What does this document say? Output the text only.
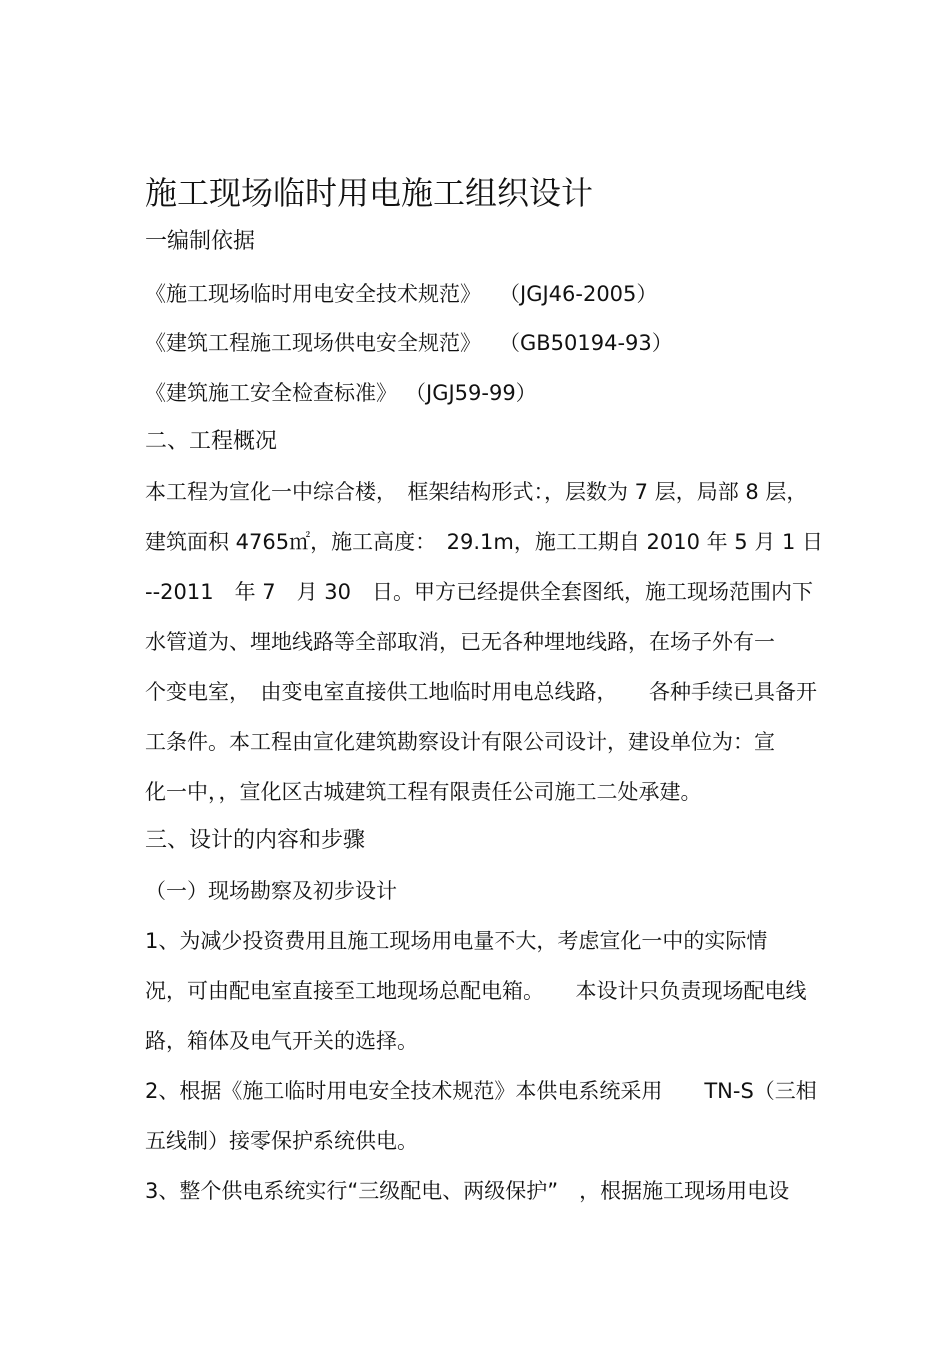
施工现场临时用电施工组织设计
一编制依据
《施工现场临时用电安全技术规范》 （JGJ46-2005）
《建筑工程施工现场供电安全规范》 （GB50194-93）
《建筑施工安全检查标准》 （JGJ59-99）
二、工程概况
本工程为宣化一中综合楼，　框架结构形式：，层数为 7 层，局部 8 层，
建筑面积 4765㎡，施工高度：　29.1m，施工工期自 2010 年 5 月 1 日
--2011　年 7　月 30　日。甲方已经提供全套图纸，施工现场范围内下
水管道为、埋地线路等全部取消，已无各种埋地线路，在场子外有一
个变电室，　由变电室直接供工地临时用电总线路，　　各种手续已具备开
工条件。本工程由宣化建筑勘察设计有限公司设计，建设单位为：宣
化一中，，宣化区古城建筑工程有限责任公司施工二处承建。
三、设计的内容和步骤
（一）现场勘察及初步设计
1、为减少投资费用且施工现场用电量不大，考虑宣化一中的实际情
况，可由配电室直接至工地现场总配电箱。　　本设计只负责现场配电线
路，箱体及电气开关的选择。
2、根据《施工临时用电安全技术规范》本供电系统采用　　TN-S（三相
五线制）接零保护系统供电。
3、整个供电系统实行“三级配电、两级保护”　，根据施工现场用电设
